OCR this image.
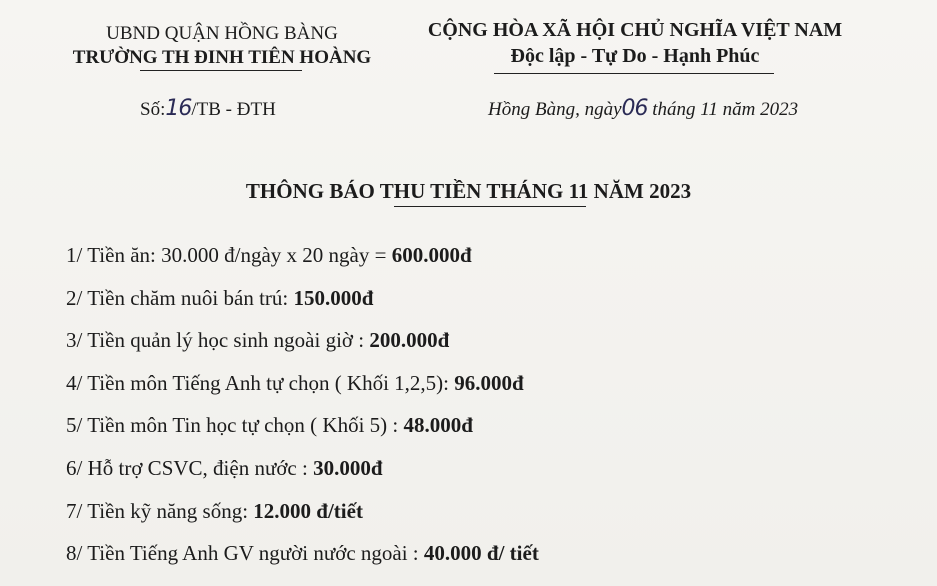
UBND QUẬN HỒNG BÀNG
TRƯỜNG TH ĐINH TIÊN HOÀNG
CỘNG HÒA XÃ HỘI CHỦ NGHĨA VIỆT NAM
Độc lập - Tự Do - Hạnh Phúc
Số:16/TB - ĐTH	Hồng Bàng, ngày06 tháng 11 năm 2023
THÔNG BÁO THU TIỀN THÁNG 11 NĂM 2023
1/ Tiền ăn: 30.000 đ/ngày x 20 ngày = 600.000đ
2/ Tiền chăm nuôi bán trú: 150.000đ
3/ Tiền quản lý học sinh ngoài giờ : 200.000đ
4/ Tiền môn Tiếng Anh tự chọn ( Khối 1,2,5): 96.000đ
5/ Tiền môn Tin học tự chọn ( Khối 5) : 48.000đ
6/ Hỗ trợ CSVC, điện nước : 30.000đ
7/ Tiền kỹ năng sống: 12.000 đ/tiết
8/ Tiền Tiếng Anh GV người nước ngoài : 40.000 đ/ tiết
